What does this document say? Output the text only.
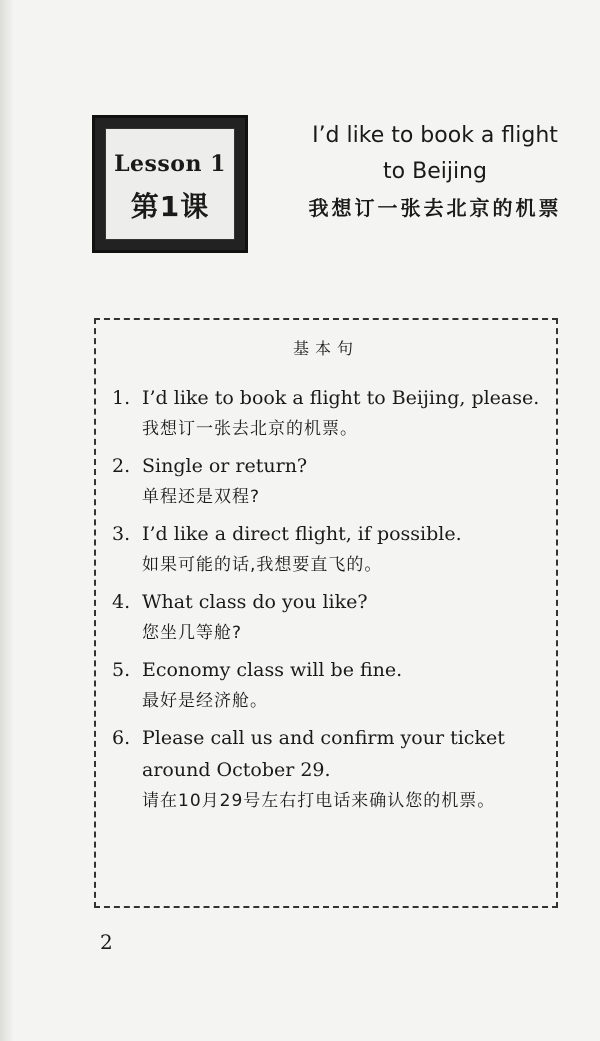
Lesson 1
第1课
I’d like to book a flight to Beijing
我想订一张去北京的机票
基本句
1. I’d like to book a flight to Beijing, please.
我想订一张去北京的机票。
2. Single or return?
单程还是双程?
3. I’d like a direct flight, if possible.
如果可能的话,我想要直飞的。
4. What class do you like?
您坐几等舱?
5. Economy class will be fine.
最好是经济舱。
6. Please call us and confirm your ticket around October 29.
请在10月29号左右打电话来确认您的机票。
2
